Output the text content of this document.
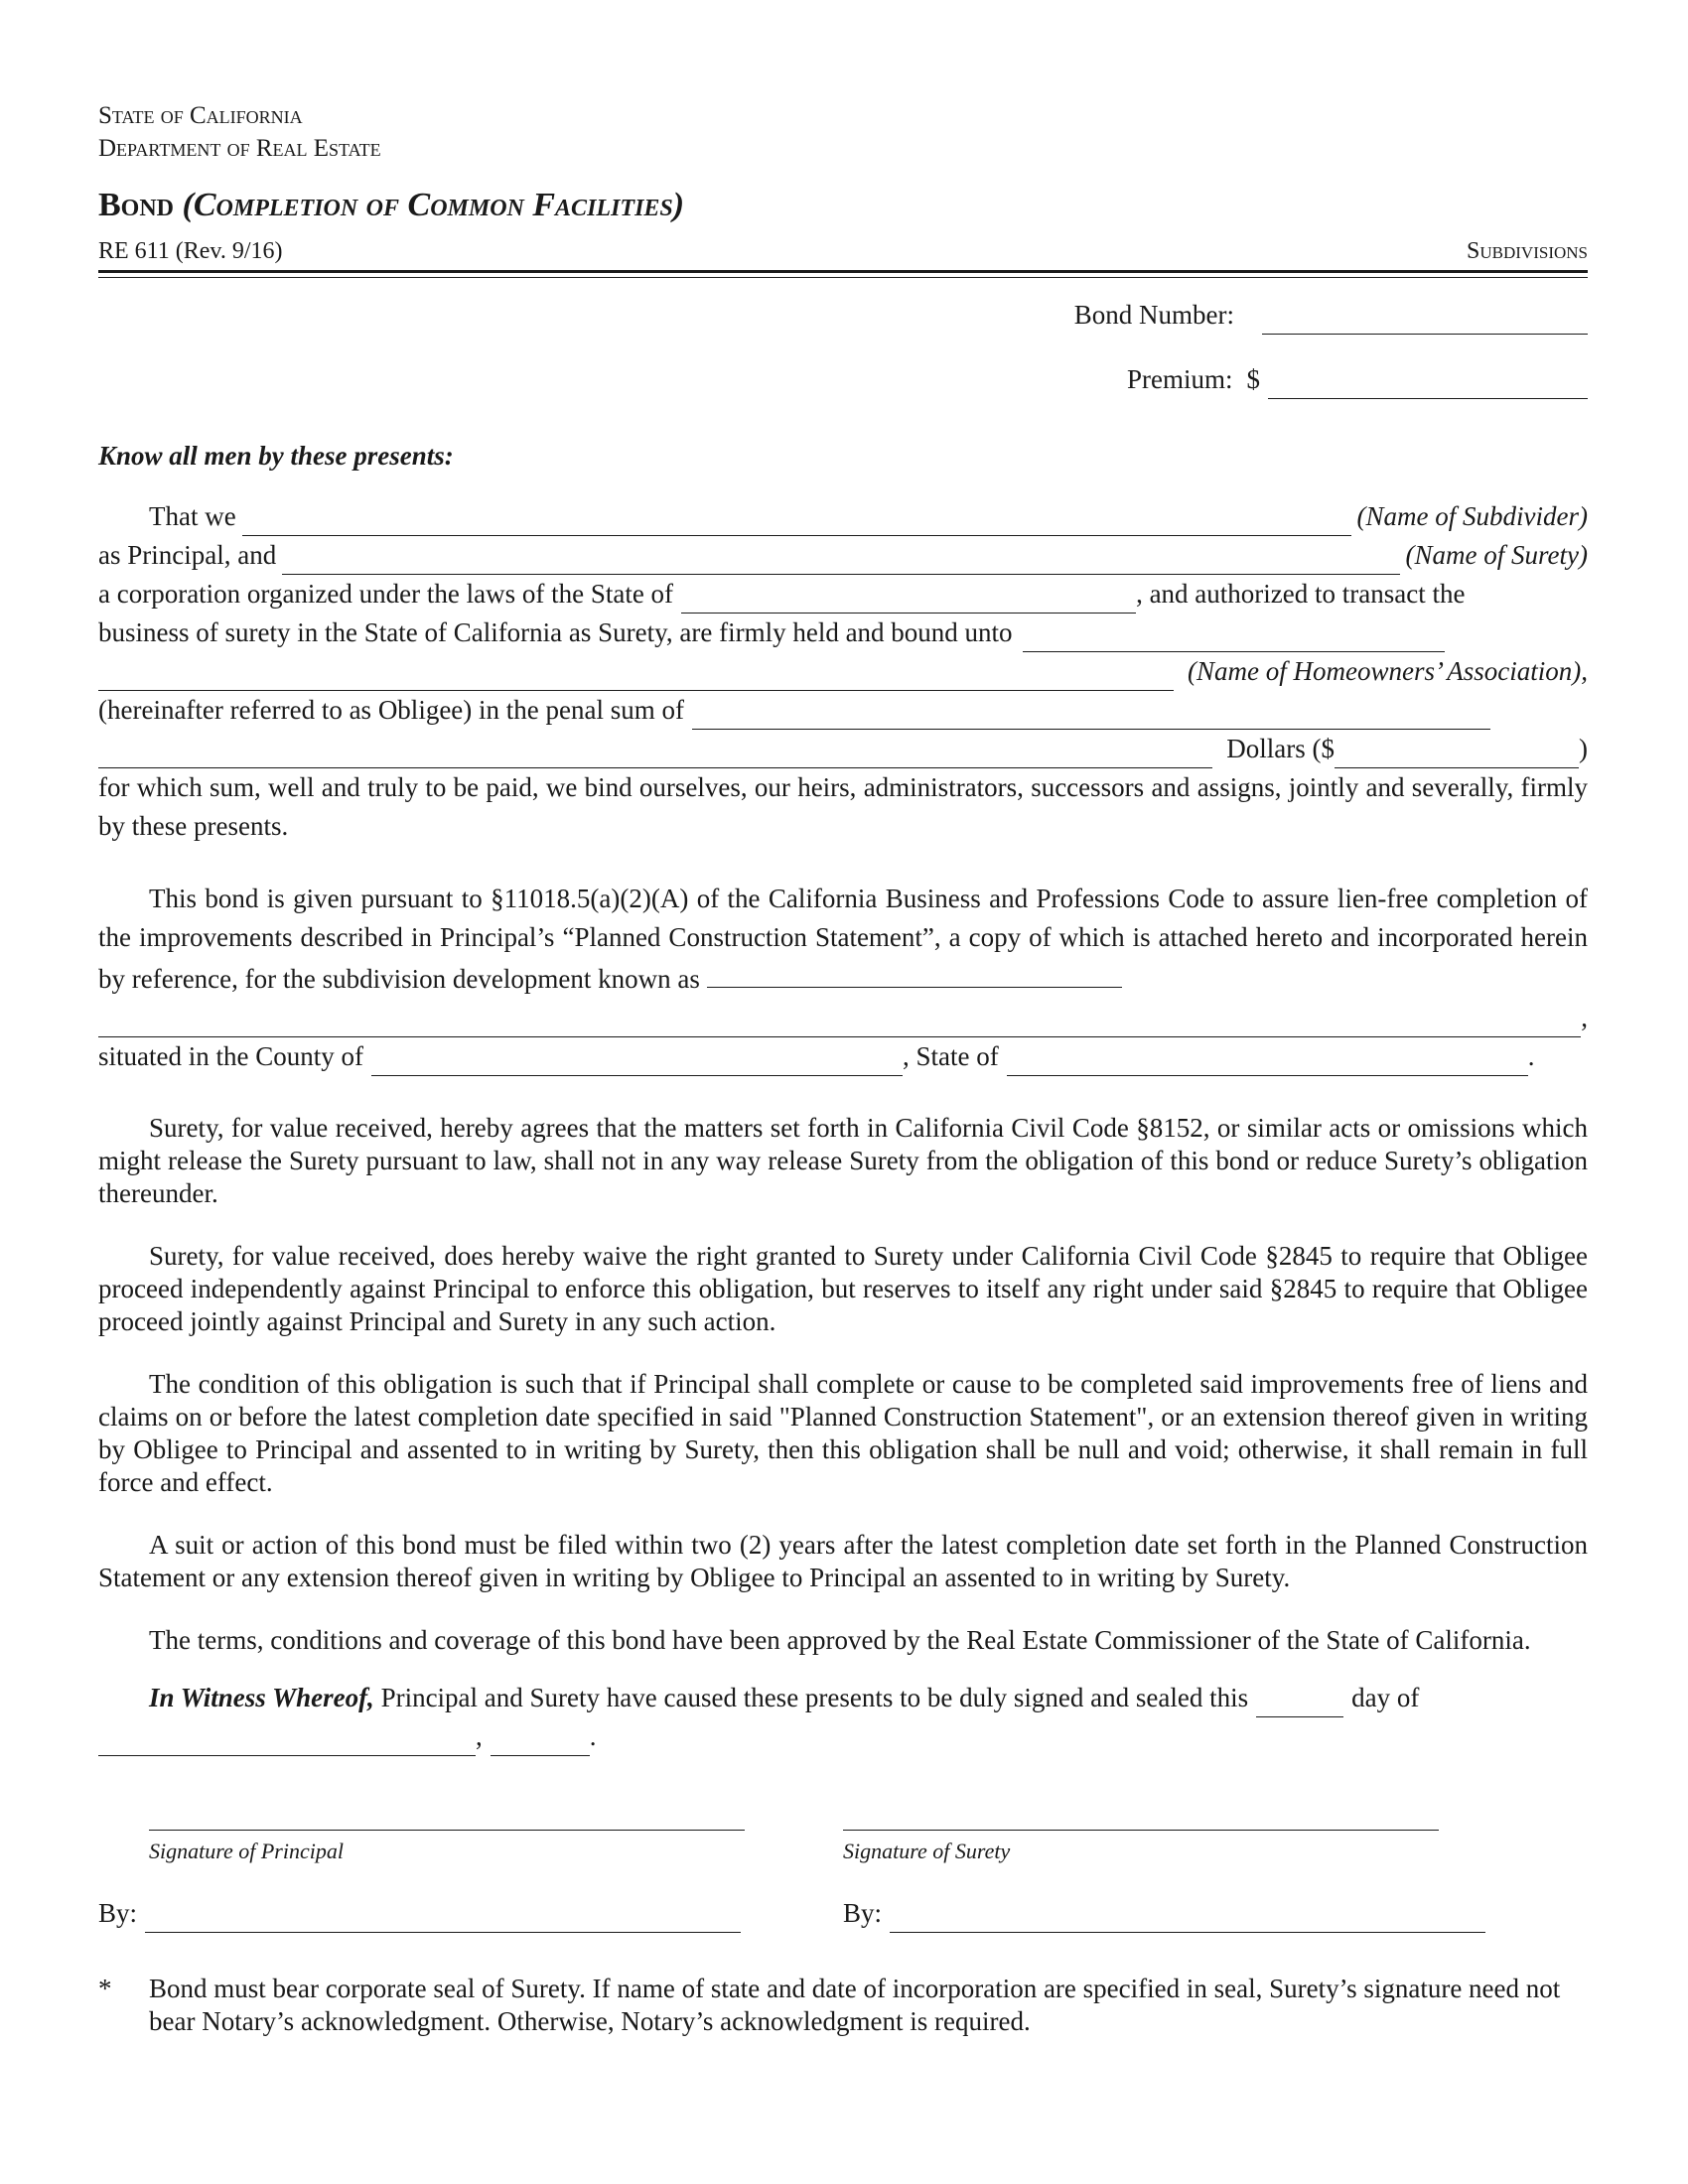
State of California
Department of Real Estate
Bond (Completion of Common Facilities)
RE 611 (Rev. 9/16)	Subdivisions
Bond Number:
Premium: $
Know all men by these presents:
That we	(Name of Subdivider)
as Principal, and	(Name of Surety)
a corporation organized under the laws of the State of	, and authorized to transact the
business of surety in the State of California as Surety, are firmly held and bound unto
(Name of Homeowners’ Association),
(hereinafter referred to as Obligee) in the penal sum of
Dollars ($	)

for which sum, well and truly to be paid, we bind ourselves, our heirs, administrators, successors and assigns, jointly and severally, firmly by these presents.

This bond is given pursuant to §11018.5(a)(2)(A) of the California Business and Professions Code to assure lien-free completion of the improvements described in Principal’s “Planned Construction Statement”, a copy of which is attached hereto and incorporated herein by reference, for the subdivision development known as

,
situated in the County of	, State of	.

Surety, for value received, hereby agrees that the matters set forth in California Civil Code §8152, or similar acts or omissions which might release the Surety pursuant to law, shall not in any way release Surety from the obligation of this bond or reduce Surety’s obligation thereunder.

Surety, for value received, does hereby waive the right granted to Surety under California Civil Code §2845 to require that Obligee proceed independently against Principal to enforce this obligation, but reserves to itself any right under said §2845 to require that Obligee proceed jointly against Principal and Surety in any such action.

The condition of this obligation is such that if Principal shall complete or cause to be completed said improvements free of liens and claims on or before the latest completion date specified in said "Planned Construction Statement", or an extension thereof given in writing by Obligee to Principal and assented to in writing by Surety, then this obligation shall be null and void; otherwise, it shall remain in full force and effect.

A suit or action of this bond must be filed within two (2) years after the latest completion date set forth in the Planned Construction Statement or any extension thereof given in writing by Obligee to Principal an assented to in writing by Surety.

The terms, conditions and coverage of this bond have been approved by the Real Estate Commissioner of the State of California.

In Witness Whereof, Principal and Surety have caused these presents to be duly signed and sealed this	day of
,	.
Signature of Principal	Signature of Surety
By:	By:
*	Bond must bear corporate seal of Surety. If name of state and date of incorporation are specified in seal, Surety’s signature need not bear Notary’s acknowledgment. Otherwise, Notary’s acknowledgment is required.
